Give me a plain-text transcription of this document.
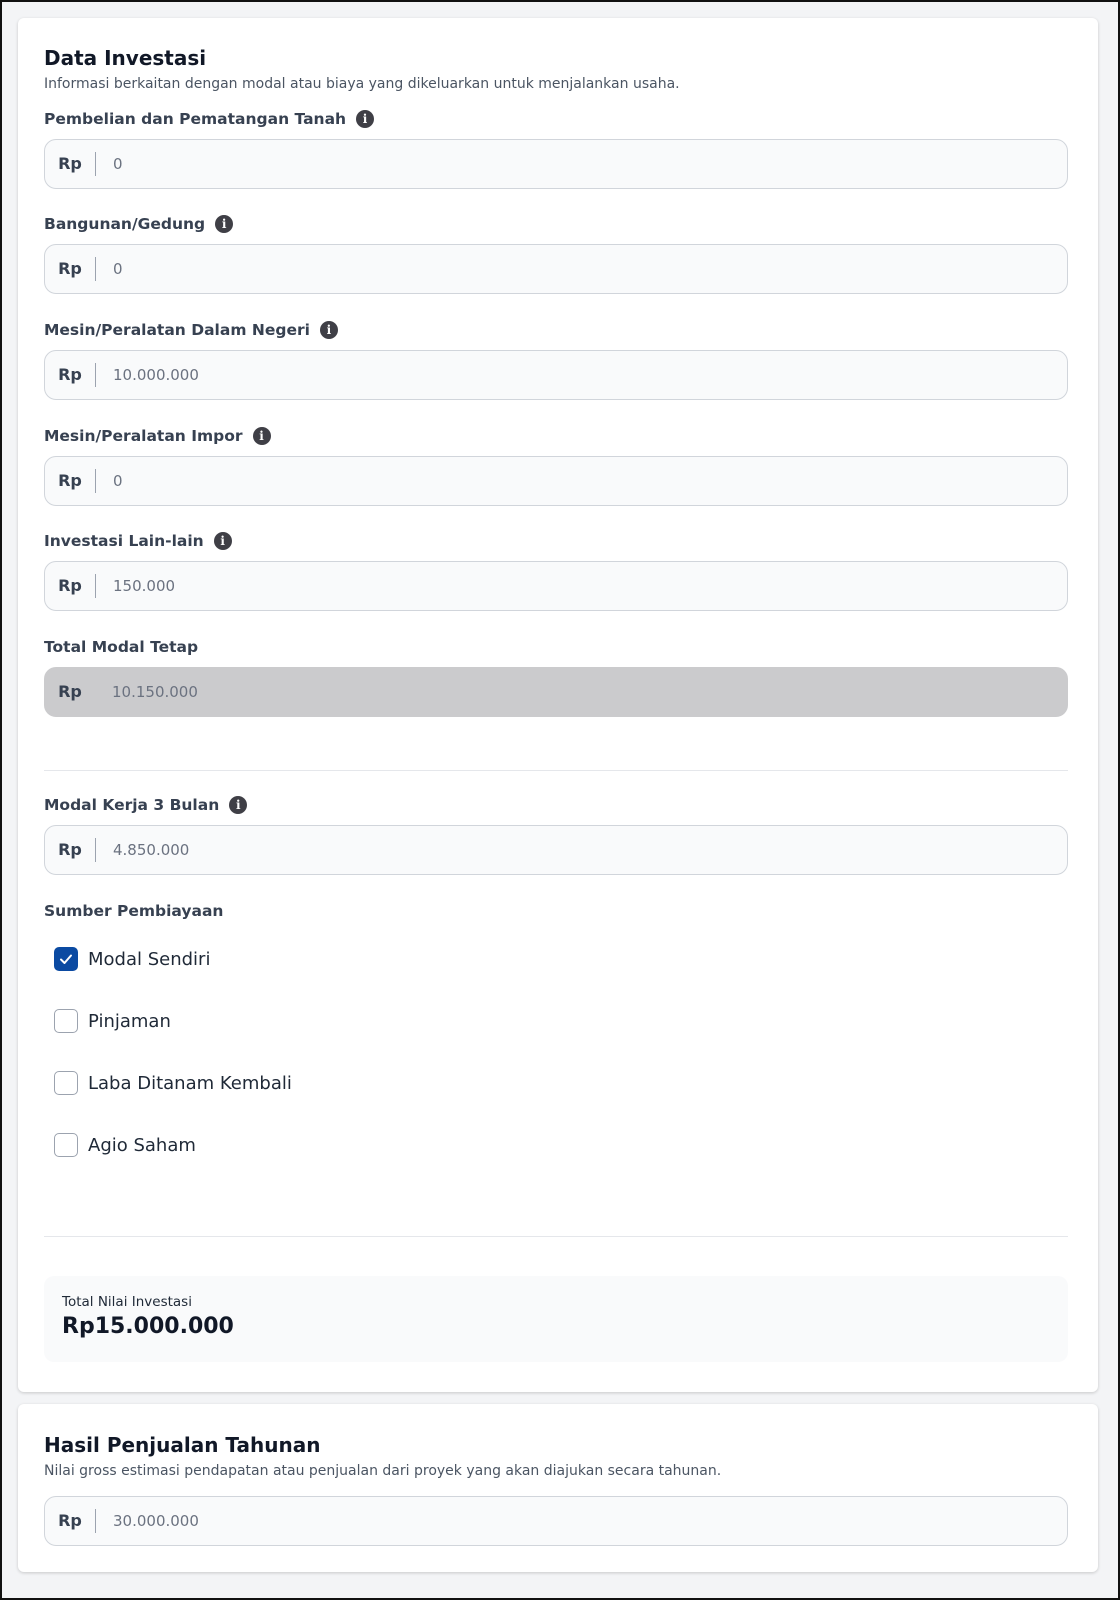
Data Investasi

Informasi berkaitan dengan modal atau biaya yang dikeluarkan untuk menjalankan usaha.

Pembelian dan Pematangan Tanah	i
Rp
0
Bangunan/Gedung	i
Rp
0
Mesin/Peralatan Dalam Negeri	i
Rp
10.000.000
Mesin/Peralatan Impor	i
Rp
0
Investasi Lain-lain	i
Rp
150.000
Total Modal Tetap
Rp
10.150.000
Modal Kerja 3 Bulan	i
Rp
4.850.000
Sumber Pembiayaan
Modal Sendiri
Pinjaman
Laba Ditanam Kembali
Agio Saham
Total Nilai Investasi
Rp15.000.000
Hasil Penjualan Tahunan

Nilai gross estimasi pendapatan atau penjualan dari proyek yang akan diajukan secara tahunan.

Rp
30.000.000
